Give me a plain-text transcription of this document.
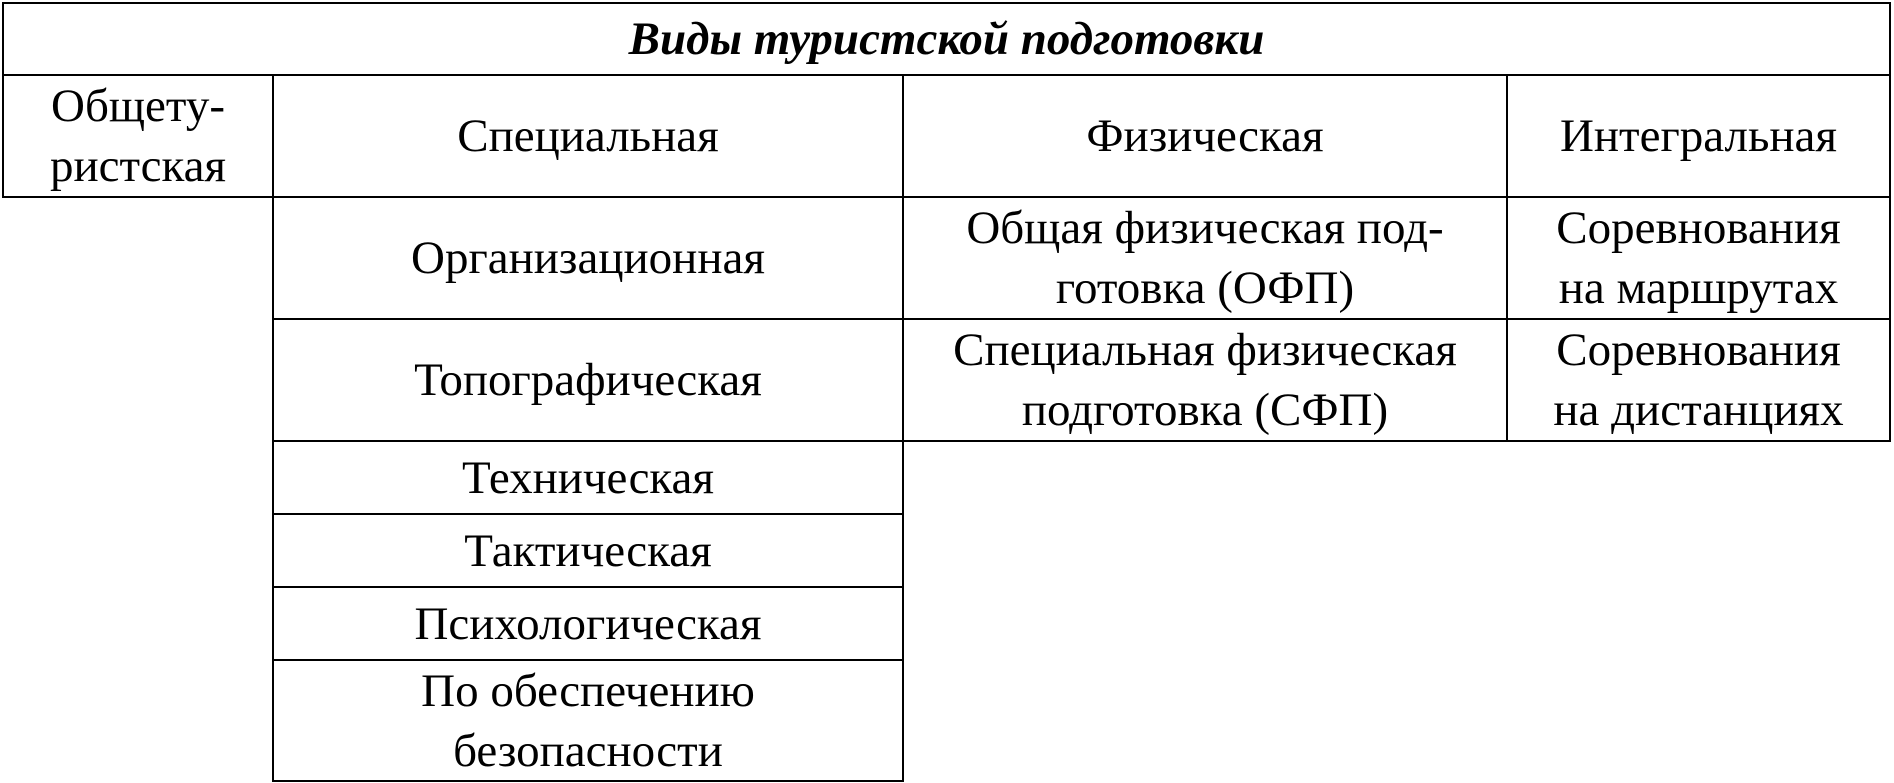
Виды туристской подготовки
Общету-
ристская
Специальная	Физическая	Интегральная
Организационная
Общая физическая под-
готовка (ОФП)
Соревнования
на маршрутах
Топографическая
Специальная физическая
подготовка (СФП)
Соревнования
на дистанциях
Техническая
Тактическая
Психологическая
По обеспечению
безопасности
